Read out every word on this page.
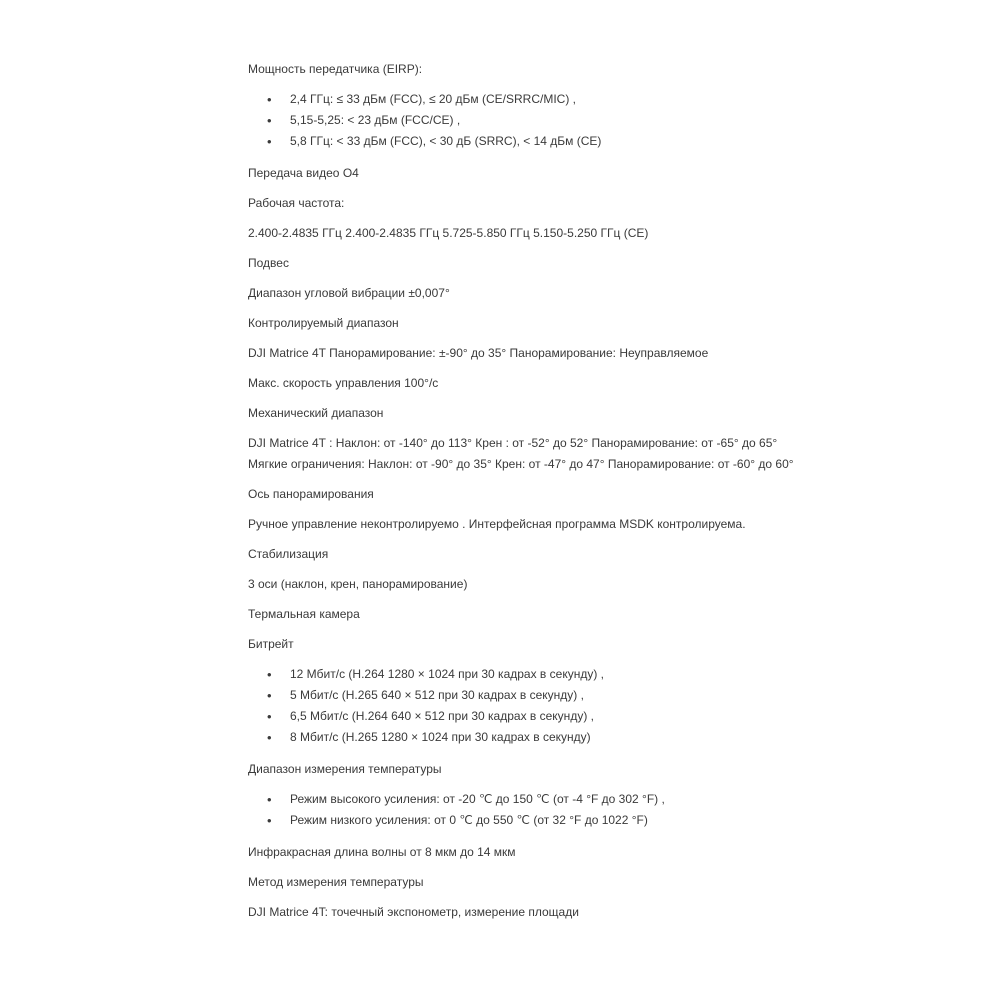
Мощность передатчика (EIRP):

• 2,4 ГГц: ≤ 33 дБм (FCC), ≤ 20 дБм (CE/SRRC/MIC) ,
• 5,15-5,25: < 23 дБм (FCC/CE) ,
• 5,8 ГГц: < 33 дБм (FCC), < 30 дБ (SRRC), < 14 дБм (CE)

Передача видео O4

Рабочая частота:

2.400-2.4835 ГГц 2.400-2.4835 ГГц 5.725-5.850 ГГц 5.150-5.250 ГГц (CE)

Подвес

Диапазон угловой вибрации ±0,007°

Контролируемый диапазон

DJI Matrice 4T Панорамирование: ±-90° до 35° Панорамирование: Неуправляемое

Макс. скорость управления 100°/с

Механический диапазон

DJI Matrice 4T : Наклон: от -140° до 113° Крен : от -52° до 52° Панорамирование: от -65° до 65°
Мягкие ограничения: Наклон: от -90° до 35° Крен: от -47° до 47° Панорамирование: от -60° до 60°

Ось панорамирования

Ручное управление неконтролируемо . Интерфейсная программа MSDK контролируема.

Стабилизация

3 оси (наклон, крен, панорамирование)

Термальная камера

Битрейт

• 12 Мбит/с (H.264 1280 × 1024 при 30 кадрах в секунду) ,
• 5 Мбит/с (H.265 640 × 512 при 30 кадрах в секунду) ,
• 6,5 Мбит/с (H.264 640 × 512 при 30 кадрах в секунду) ,
• 8 Мбит/с (H.265 1280 × 1024 при 30 кадрах в секунду)

Диапазон измерения температуры

• Режим высокого усиления: от -20 ℃ до 150 ℃ (от -4 °F до 302 °F) ,
• Режим низкого усиления: от 0 ℃ до 550 ℃ (от 32 °F до 1022 °F)

Инфракрасная длина волны от 8 мкм до 14 мкм

Метод измерения температуры

DJI Matrice 4T: точечный экспонометр, измерение площади
